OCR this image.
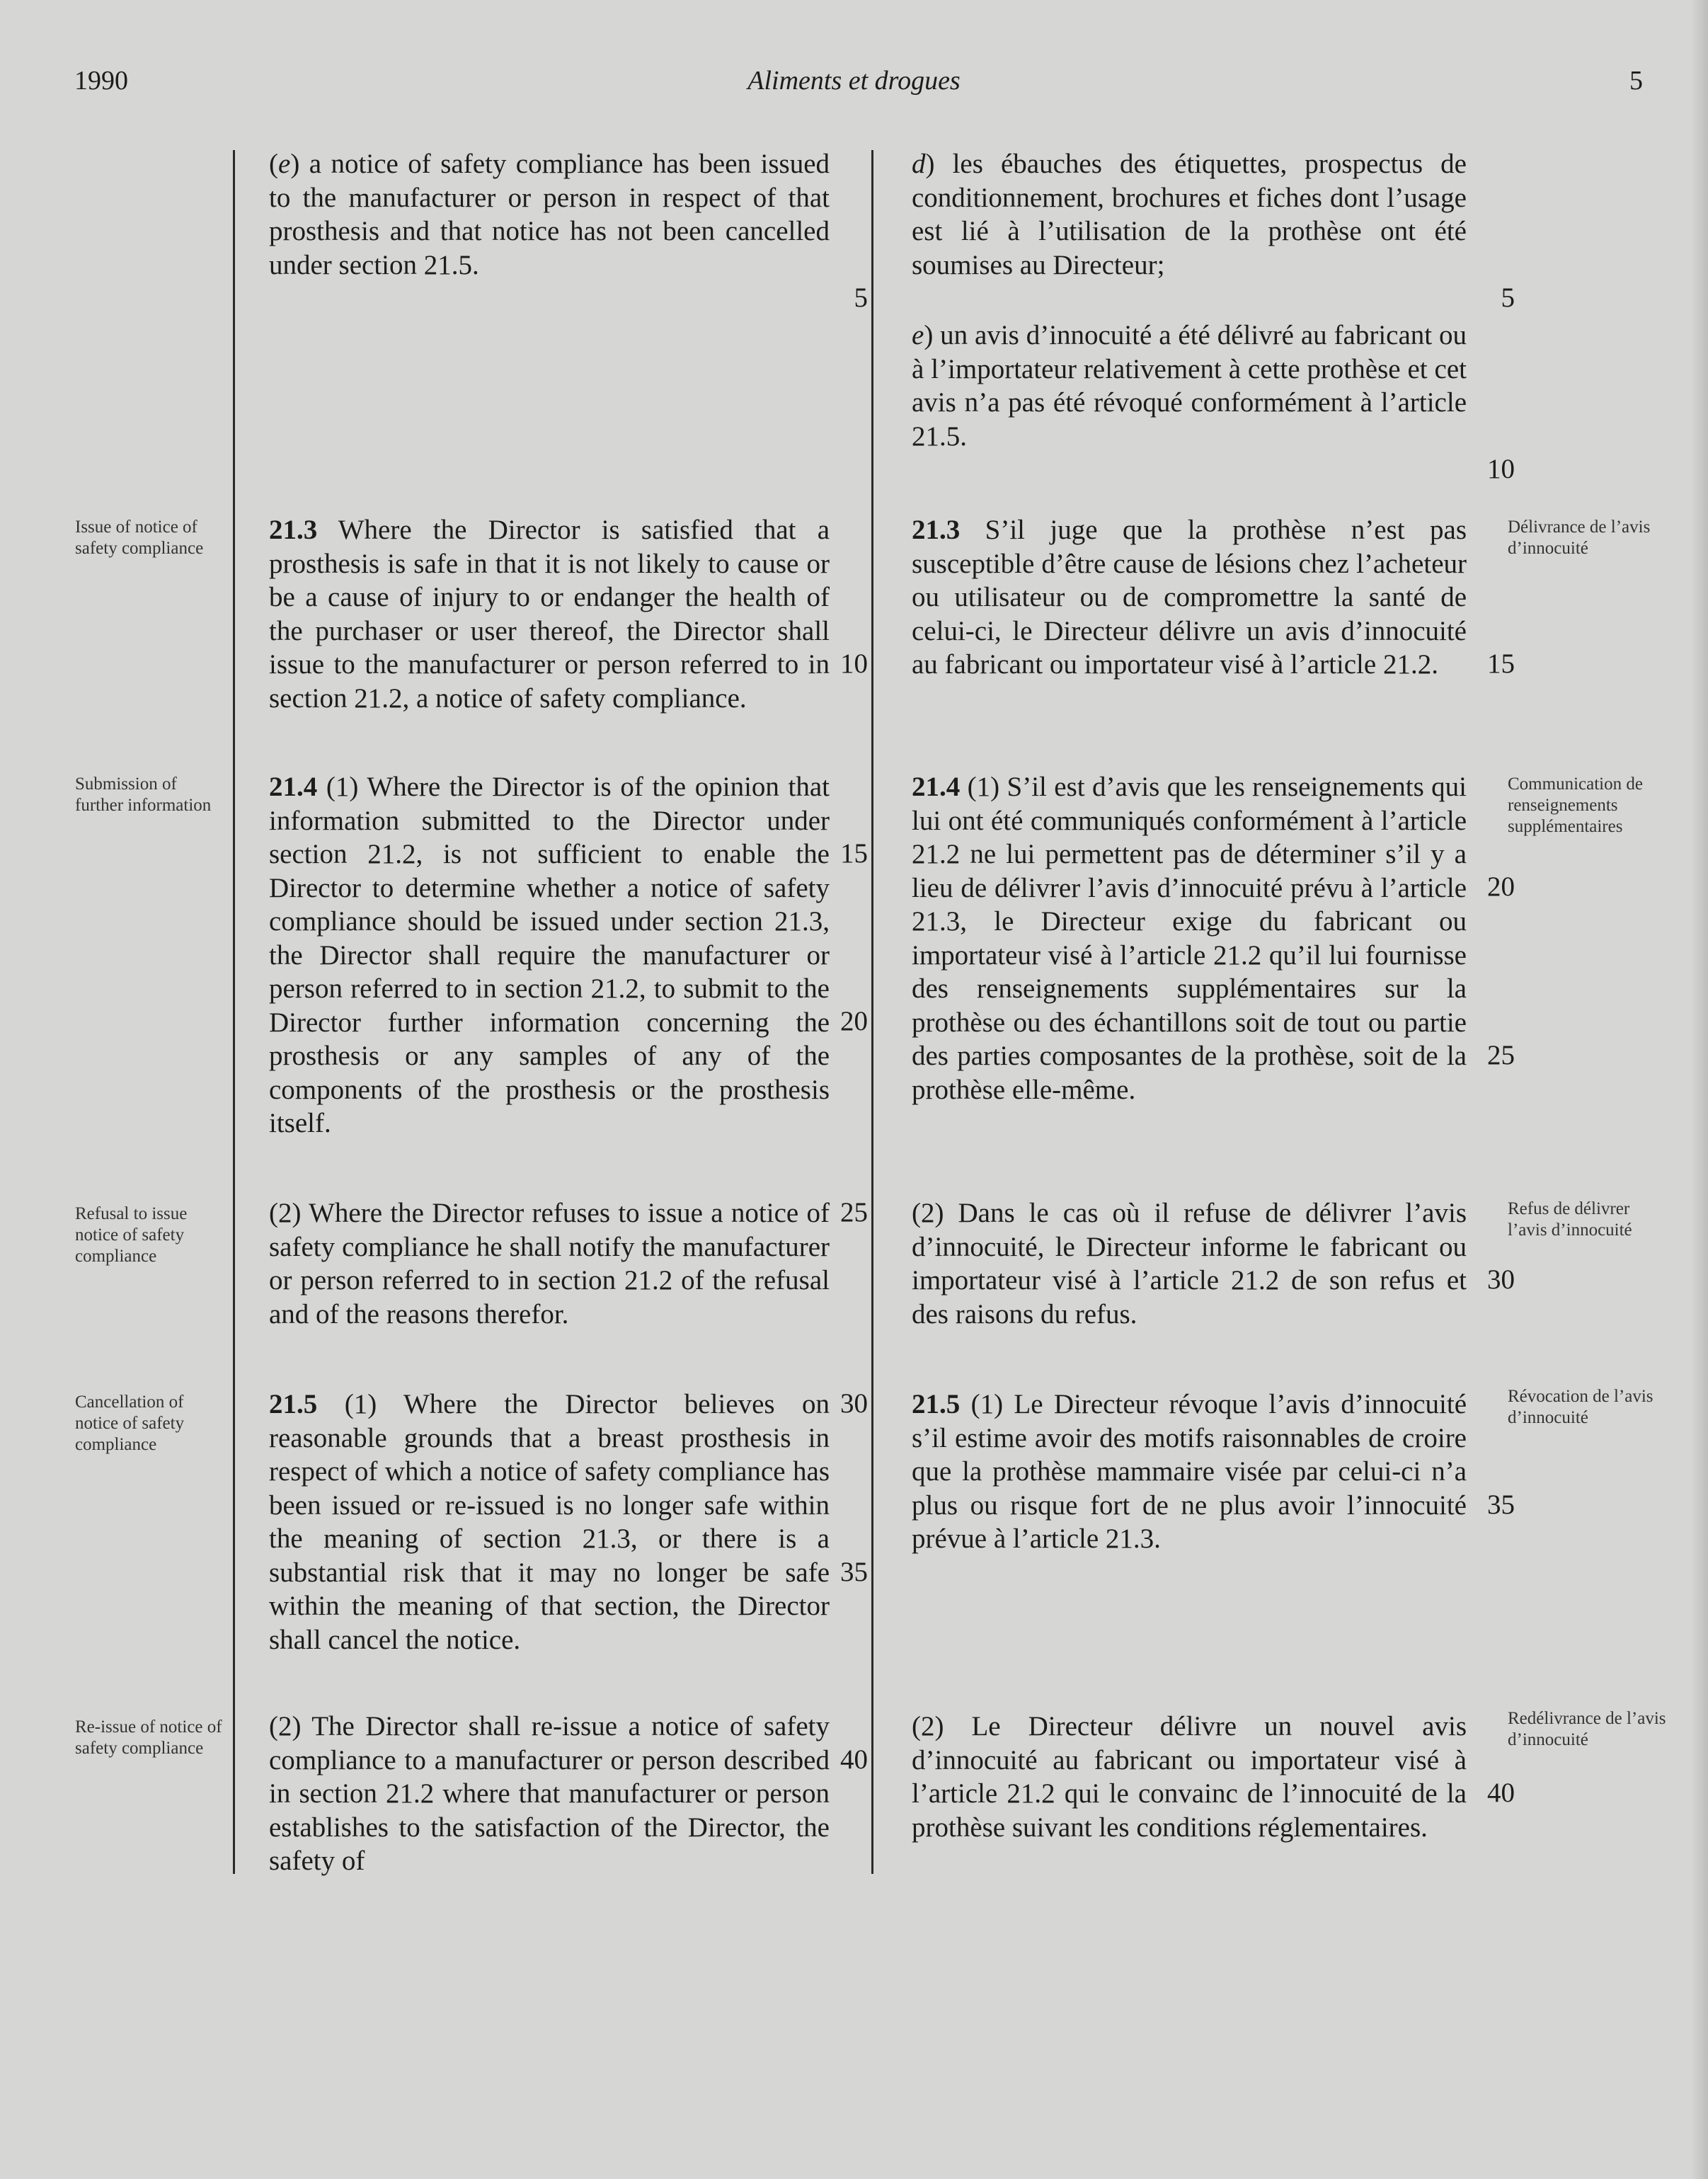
1990	Aliments et drogues	5
Issue of notice of safety compliance
Submission of further information
Refusal to issue notice of safety compliance
Cancellation of notice of safety compliance
Re-issue of notice of safety compliance
Délivrance de l’avis d’innocuité
Communication de renseignements supplémentaires
Refus de délivrer l’avis d’innocuité
Révocation de l’avis d’innocuité
Redélivrance de l’avis d’innocuité

(e) a notice of safety compliance has been issued to the manufacturer or person in respect of that prosthesis and that notice has not been cancelled under section 21.5.

21.3 Where the Director is satisfied that a prosthesis is safe in that it is not likely to cause or be a cause of injury to or endanger the health of the purchaser or user thereof, the Director shall issue to the manufacturer or person referred to in section 21.2, a notice of safety compliance.

21.4 (1) Where the Director is of the opinion that information submitted to the Director under section 21.2, is not sufficient to enable the Director to determine whether a notice of safety compliance should be issued under section 21.3, the Director shall require the manufacturer or person referred to in section 21.2, to submit to the Director further information concerning the prosthesis or any samples of any of the components of the prosthesis or the prosthesis itself.

(2) Where the Director refuses to issue a notice of safety compliance he shall notify the manufacturer or person referred to in section 21.2 of the refusal and of the reasons therefor.

21.5 (1) Where the Director believes on reasonable grounds that a breast prosthesis in respect of which a notice of safety compliance has been issued or re-issued is no longer safe within the meaning of section 21.3, or there is a substantial risk that it may no longer be safe within the meaning of that section, the Director shall cancel the notice.

(2) The Director shall re-issue a notice of safety compliance to a manufacturer or person described in section 21.2 where that manufacturer or person establishes to the satisfaction of the Director, the safety of

d) les ébauches des étiquettes, prospectus de conditionnement, brochures et fiches dont l’usage est lié à l’utilisation de la prothèse ont été soumises au Directeur;

e) un avis d’innocuité a été délivré au fabricant ou à l’importateur relativement à cette prothèse et cet avis n’a pas été révoqué conformément à l’article 21.5.

21.3 S’il juge que la prothèse n’est pas susceptible d’être cause de lésions chez l’acheteur ou utilisateur ou de compromettre la santé de celui-ci, le Directeur délivre un avis d’innocuité au fabricant ou importateur visé à l’article 21.2.

21.4 (1) S’il est d’avis que les renseignements qui lui ont été communiqués conformément à l’article 21.2 ne lui permettent pas de déterminer s’il y a lieu de délivrer l’avis d’innocuité prévu à l’article 21.3, le Directeur exige du fabricant ou importateur visé à l’article 21.2 qu’il lui fournisse des renseignements supplémentaires sur la prothèse ou des échantillons soit de tout ou partie des parties composantes de la prothèse, soit de la prothèse elle-même.

(2) Dans le cas où il refuse de délivrer l’avis d’innocuité, le Directeur informe le fabricant ou importateur visé à l’article 21.2 de son refus et des raisons du refus.

21.5 (1) Le Directeur révoque l’avis d’innocuité s’il estime avoir des motifs raisonnables de croire que la prothèse mammaire visée par celui-ci n’a plus ou risque fort de ne plus avoir l’innocuité prévue à l’article 21.3.

(2) Le Directeur délivre un nouvel avis d’innocuité au fabricant ou importateur visé à l’article 21.2 qui le convainc de l’innocuité de la prothèse suivant les conditions réglementaires.

5
10
15
20
25
30
35
40
5
10
15
20
25
30
35
40
